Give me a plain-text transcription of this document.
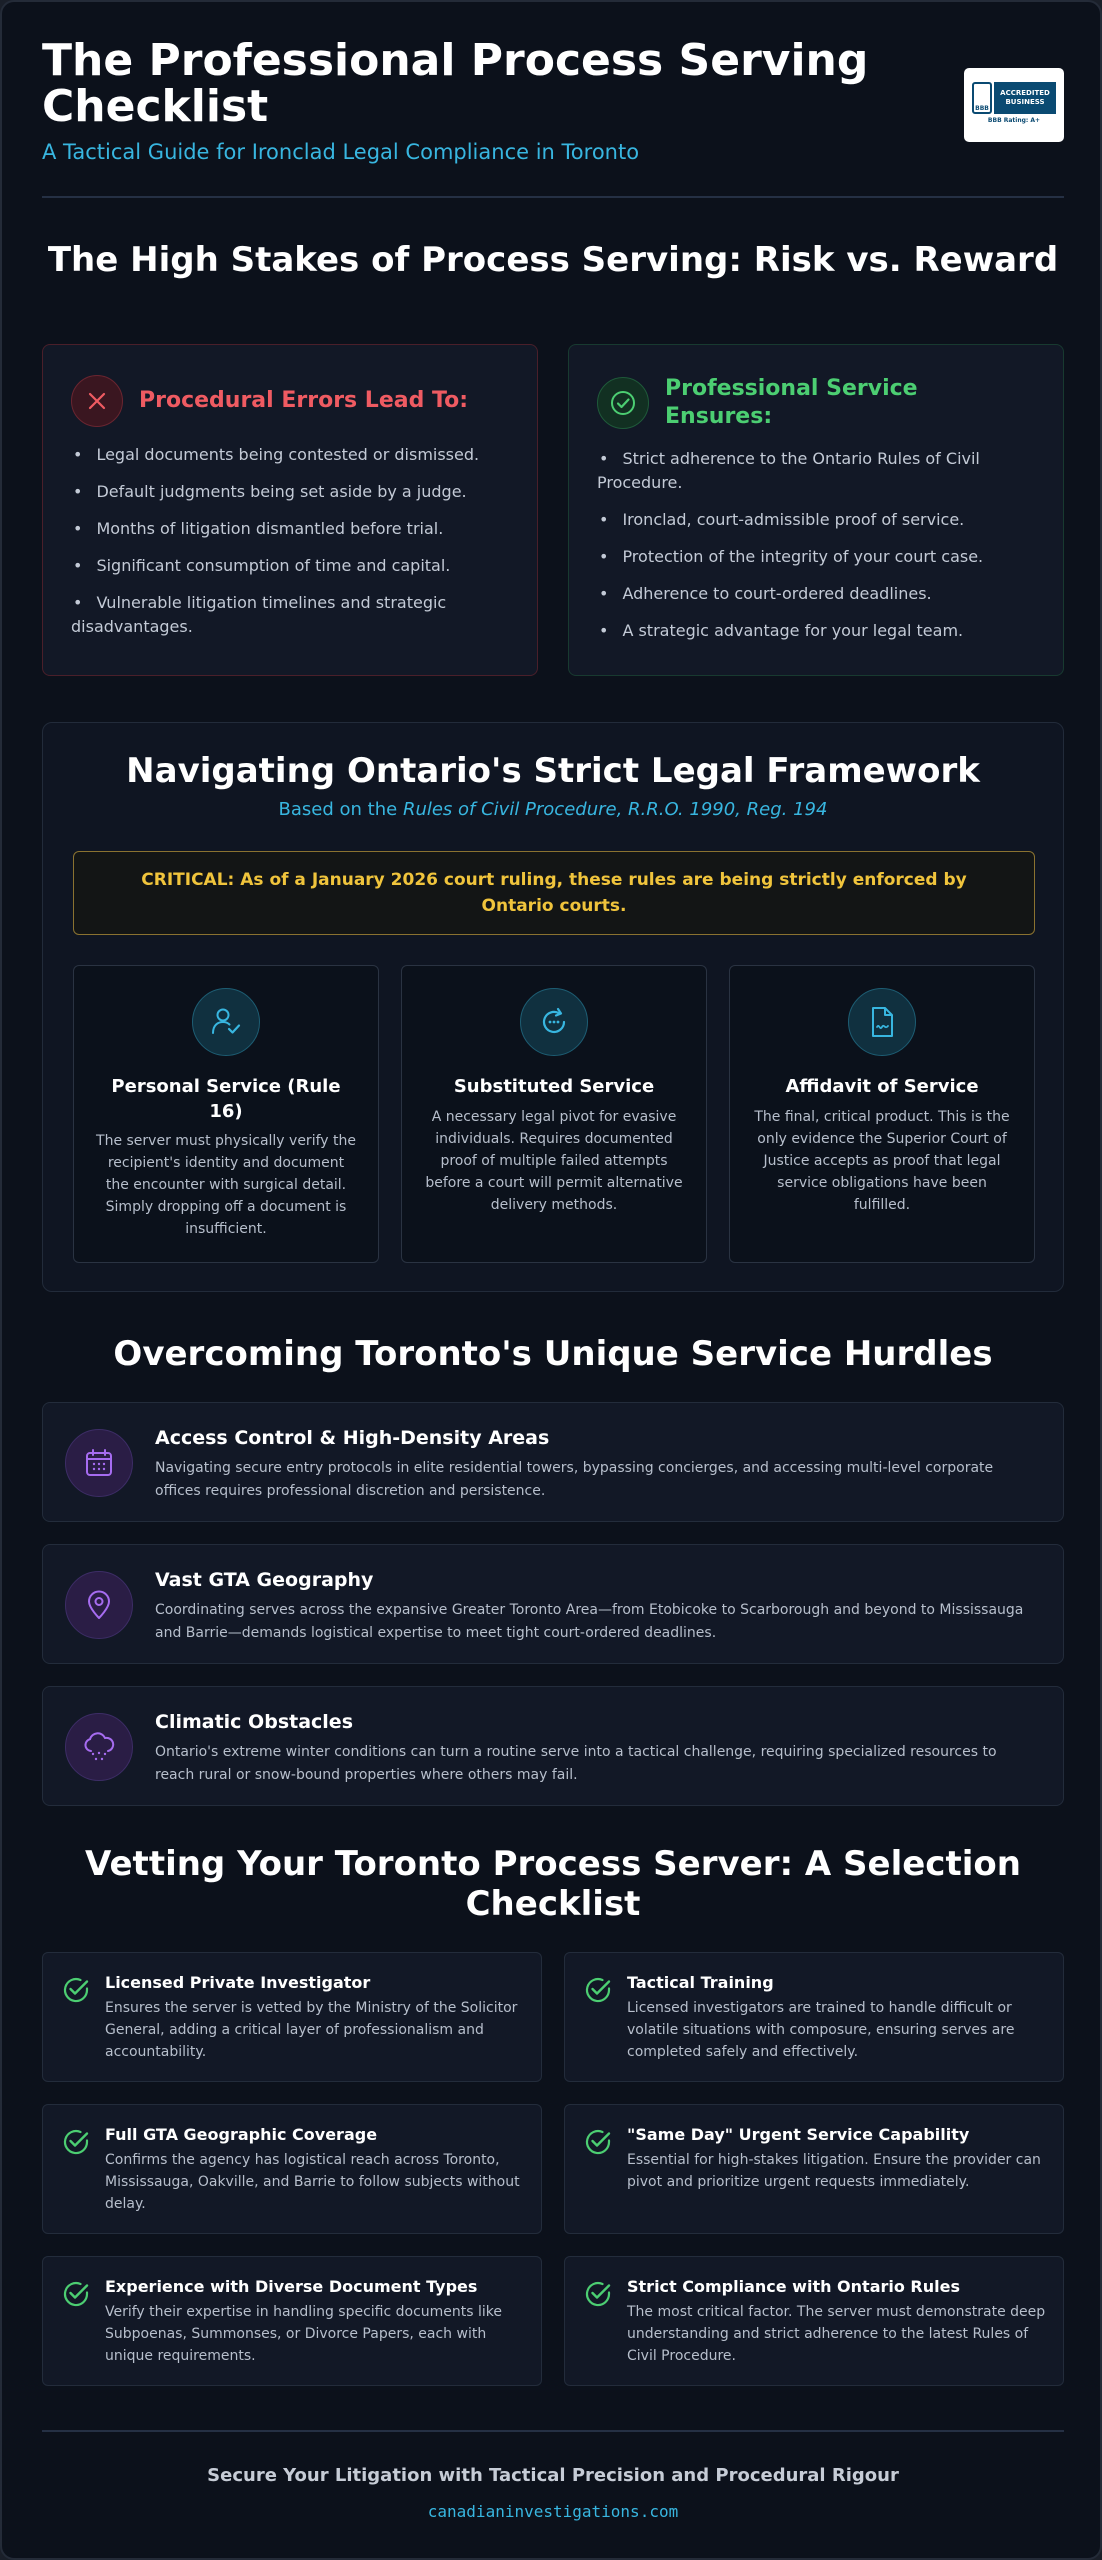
The Professional Process Serving Checklist
A Tactical Guide for Ironclad Legal Compliance in Toronto
BBB
ACCREDITED
BUSINESS
BBB Rating: A+
The High Stakes of Process Serving: Risk vs. Reward
Procedural Errors Lead To:
• Legal documents being contested or dismissed.
• Default judgments being set aside by a judge.
• Months of litigation dismantled before trial.
• Significant consumption of time and capital.
• Vulnerable litigation timelines and strategic disadvantages.
Professional Service Ensures:
• Strict adherence to the Ontario Rules of Civil Procedure.
• Ironclad, court-admissible proof of service.
• Protection of the integrity of your court case.
• Adherence to court-ordered deadlines.
• A strategic advantage for your legal team.
Navigating Ontario's Strict Legal Framework
Based on the Rules of Civil Procedure, R.R.O. 1990, Reg. 194
CRITICAL: As of a January 2026 court ruling, these rules are being strictly enforced by Ontario courts.
Personal Service (Rule 16)
The server must physically verify the recipient's identity and document the encounter with surgical detail. Simply dropping off a document is insufficient.
Substituted Service
A necessary legal pivot for evasive individuals. Requires documented proof of multiple failed attempts before a court will permit alternative delivery methods.
Affidavit of Service
The final, critical product. This is the only evidence the Superior Court of Justice accepts as proof that legal service obligations have been fulfilled.
Overcoming Toronto's Unique Service Hurdles
Access Control & High-Density Areas
Navigating secure entry protocols in elite residential towers, bypassing concierges, and accessing multi-level corporate offices requires professional discretion and persistence.
Vast GTA Geography
Coordinating serves across the expansive Greater Toronto Area—from Etobicoke to Scarborough and beyond to Mississauga and Barrie—demands logistical expertise to meet tight court-ordered deadlines.
Climatic Obstacles
Ontario's extreme winter conditions can turn a routine serve into a tactical challenge, requiring specialized resources to reach rural or snow-bound properties where others may fail.
Vetting Your Toronto Process Server: A Selection Checklist
Licensed Private Investigator
Ensures the server is vetted by the Ministry of the Solicitor General, adding a critical layer of professionalism and accountability.
Tactical Training
Licensed investigators are trained to handle difficult or volatile situations with composure, ensuring serves are completed safely and effectively.
Full GTA Geographic Coverage
Confirms the agency has logistical reach across Toronto, Mississauga, Oakville, and Barrie to follow subjects without delay.
"Same Day" Urgent Service Capability
Essential for high-stakes litigation. Ensure the provider can pivot and prioritize urgent requests immediately.
Experience with Diverse Document Types
Verify their expertise in handling specific documents like Subpoenas, Summonses, or Divorce Papers, each with unique requirements.
Strict Compliance with Ontario Rules
The most critical factor. The server must demonstrate deep understanding and strict adherence to the latest Rules of Civil Procedure.
Secure Your Litigation with Tactical Precision and Procedural Rigour
canadianinvestigations.com
